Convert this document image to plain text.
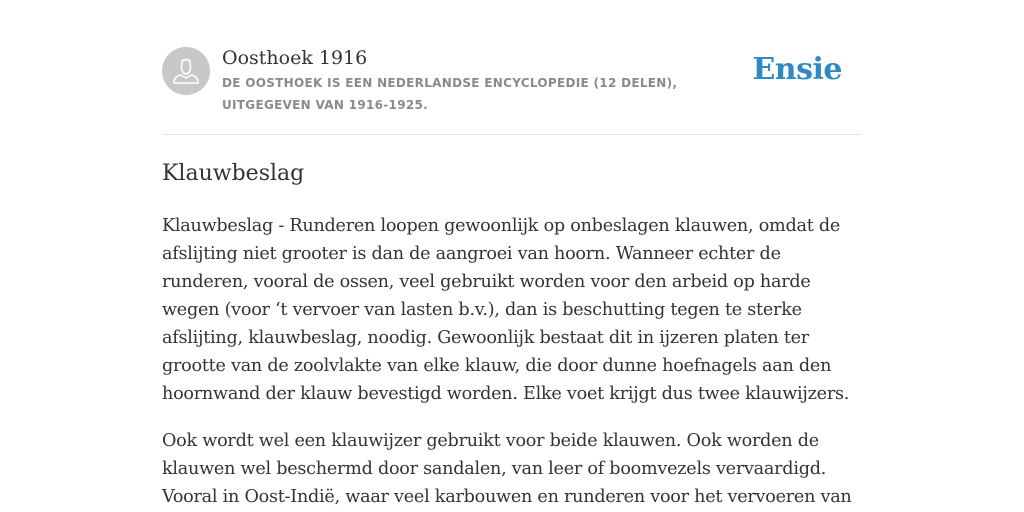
Oosthoek 1916
DE OOSTHOEK IS EEN NEDERLANDSE ENCYCLOPEDIE (12 DELEN), UITGEGEVEN VAN 1916-1925.
Ensie
Klauwbeslag

Klauwbeslag - Runderen loopen gewoonlijk op onbeslagen klauwen, omdat de afslijting niet grooter is dan de aangroei van hoorn. Wanneer echter de runderen, vooral de ossen, veel gebruikt worden voor den arbeid op harde wegen (voor ‘t vervoer van lasten b.v.), dan is beschutting tegen te sterke afslijting, klauwbeslag, noodig. Gewoonlijk bestaat dit in ijzeren platen ter grootte van de zoolvlakte van elke klauw, die door dunne hoefnagels aan den hoornwand der klauw bevestigd worden. Elke voet krijgt dus twee klauwijzers.

Ook wordt wel een klauwijzer gebruikt voor beide klauwen. Ook worden de klauwen wel beschermd door sandalen, van leer of boomvezels vervaardigd. Vooral in Oost-Indië, waar veel karbouwen en runderen voor het vervoeren van
